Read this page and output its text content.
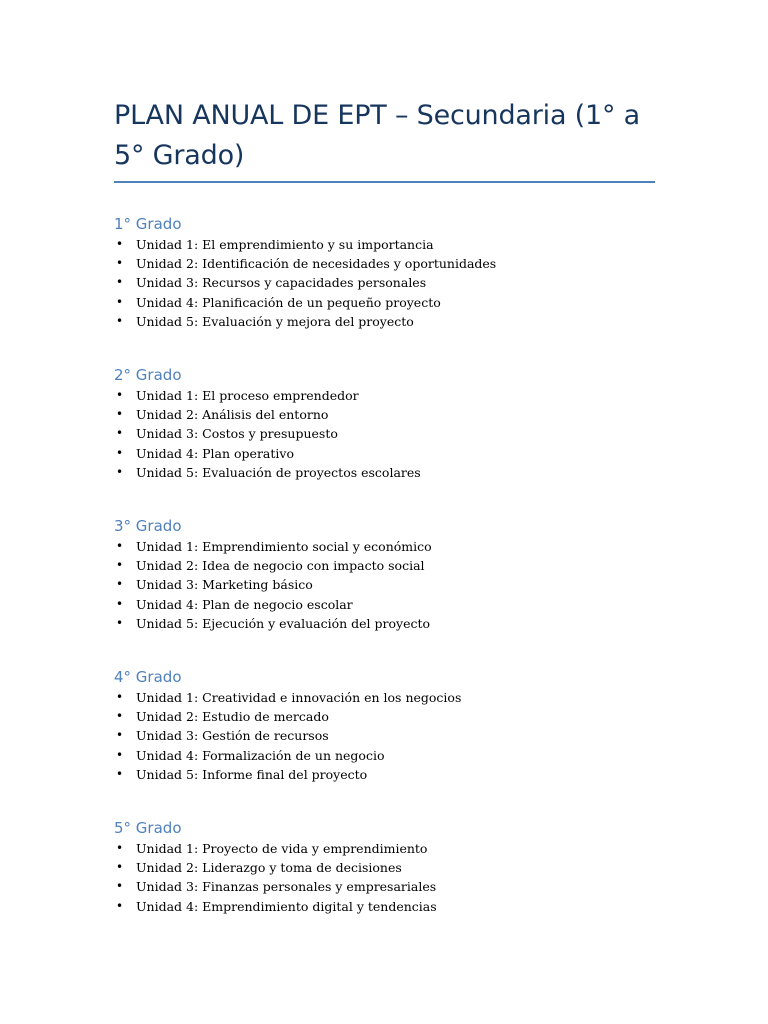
PLAN ANUAL DE EPT – Secundaria (1° a 5° Grado)
1° Grado
• Unidad 1: El emprendimiento y su importancia
• Unidad 2: Identificación de necesidades y oportunidades
• Unidad 3: Recursos y capacidades personales
• Unidad 4: Planificación de un pequeño proyecto
• Unidad 5: Evaluación y mejora del proyecto
2° Grado
• Unidad 1: El proceso emprendedor
• Unidad 2: Análisis del entorno
• Unidad 3: Costos y presupuesto
• Unidad 4: Plan operativo
• Unidad 5: Evaluación de proyectos escolares
3° Grado
• Unidad 1: Emprendimiento social y económico
• Unidad 2: Idea de negocio con impacto social
• Unidad 3: Marketing básico
• Unidad 4: Plan de negocio escolar
• Unidad 5: Ejecución y evaluación del proyecto
4° Grado
• Unidad 1: Creatividad e innovación en los negocios
• Unidad 2: Estudio de mercado
• Unidad 3: Gestión de recursos
• Unidad 4: Formalización de un negocio
• Unidad 5: Informe final del proyecto
5° Grado
• Unidad 1: Proyecto de vida y emprendimiento
• Unidad 2: Liderazgo y toma de decisiones
• Unidad 3: Finanzas personales y empresariales
• Unidad 4: Emprendimiento digital y tendencias
